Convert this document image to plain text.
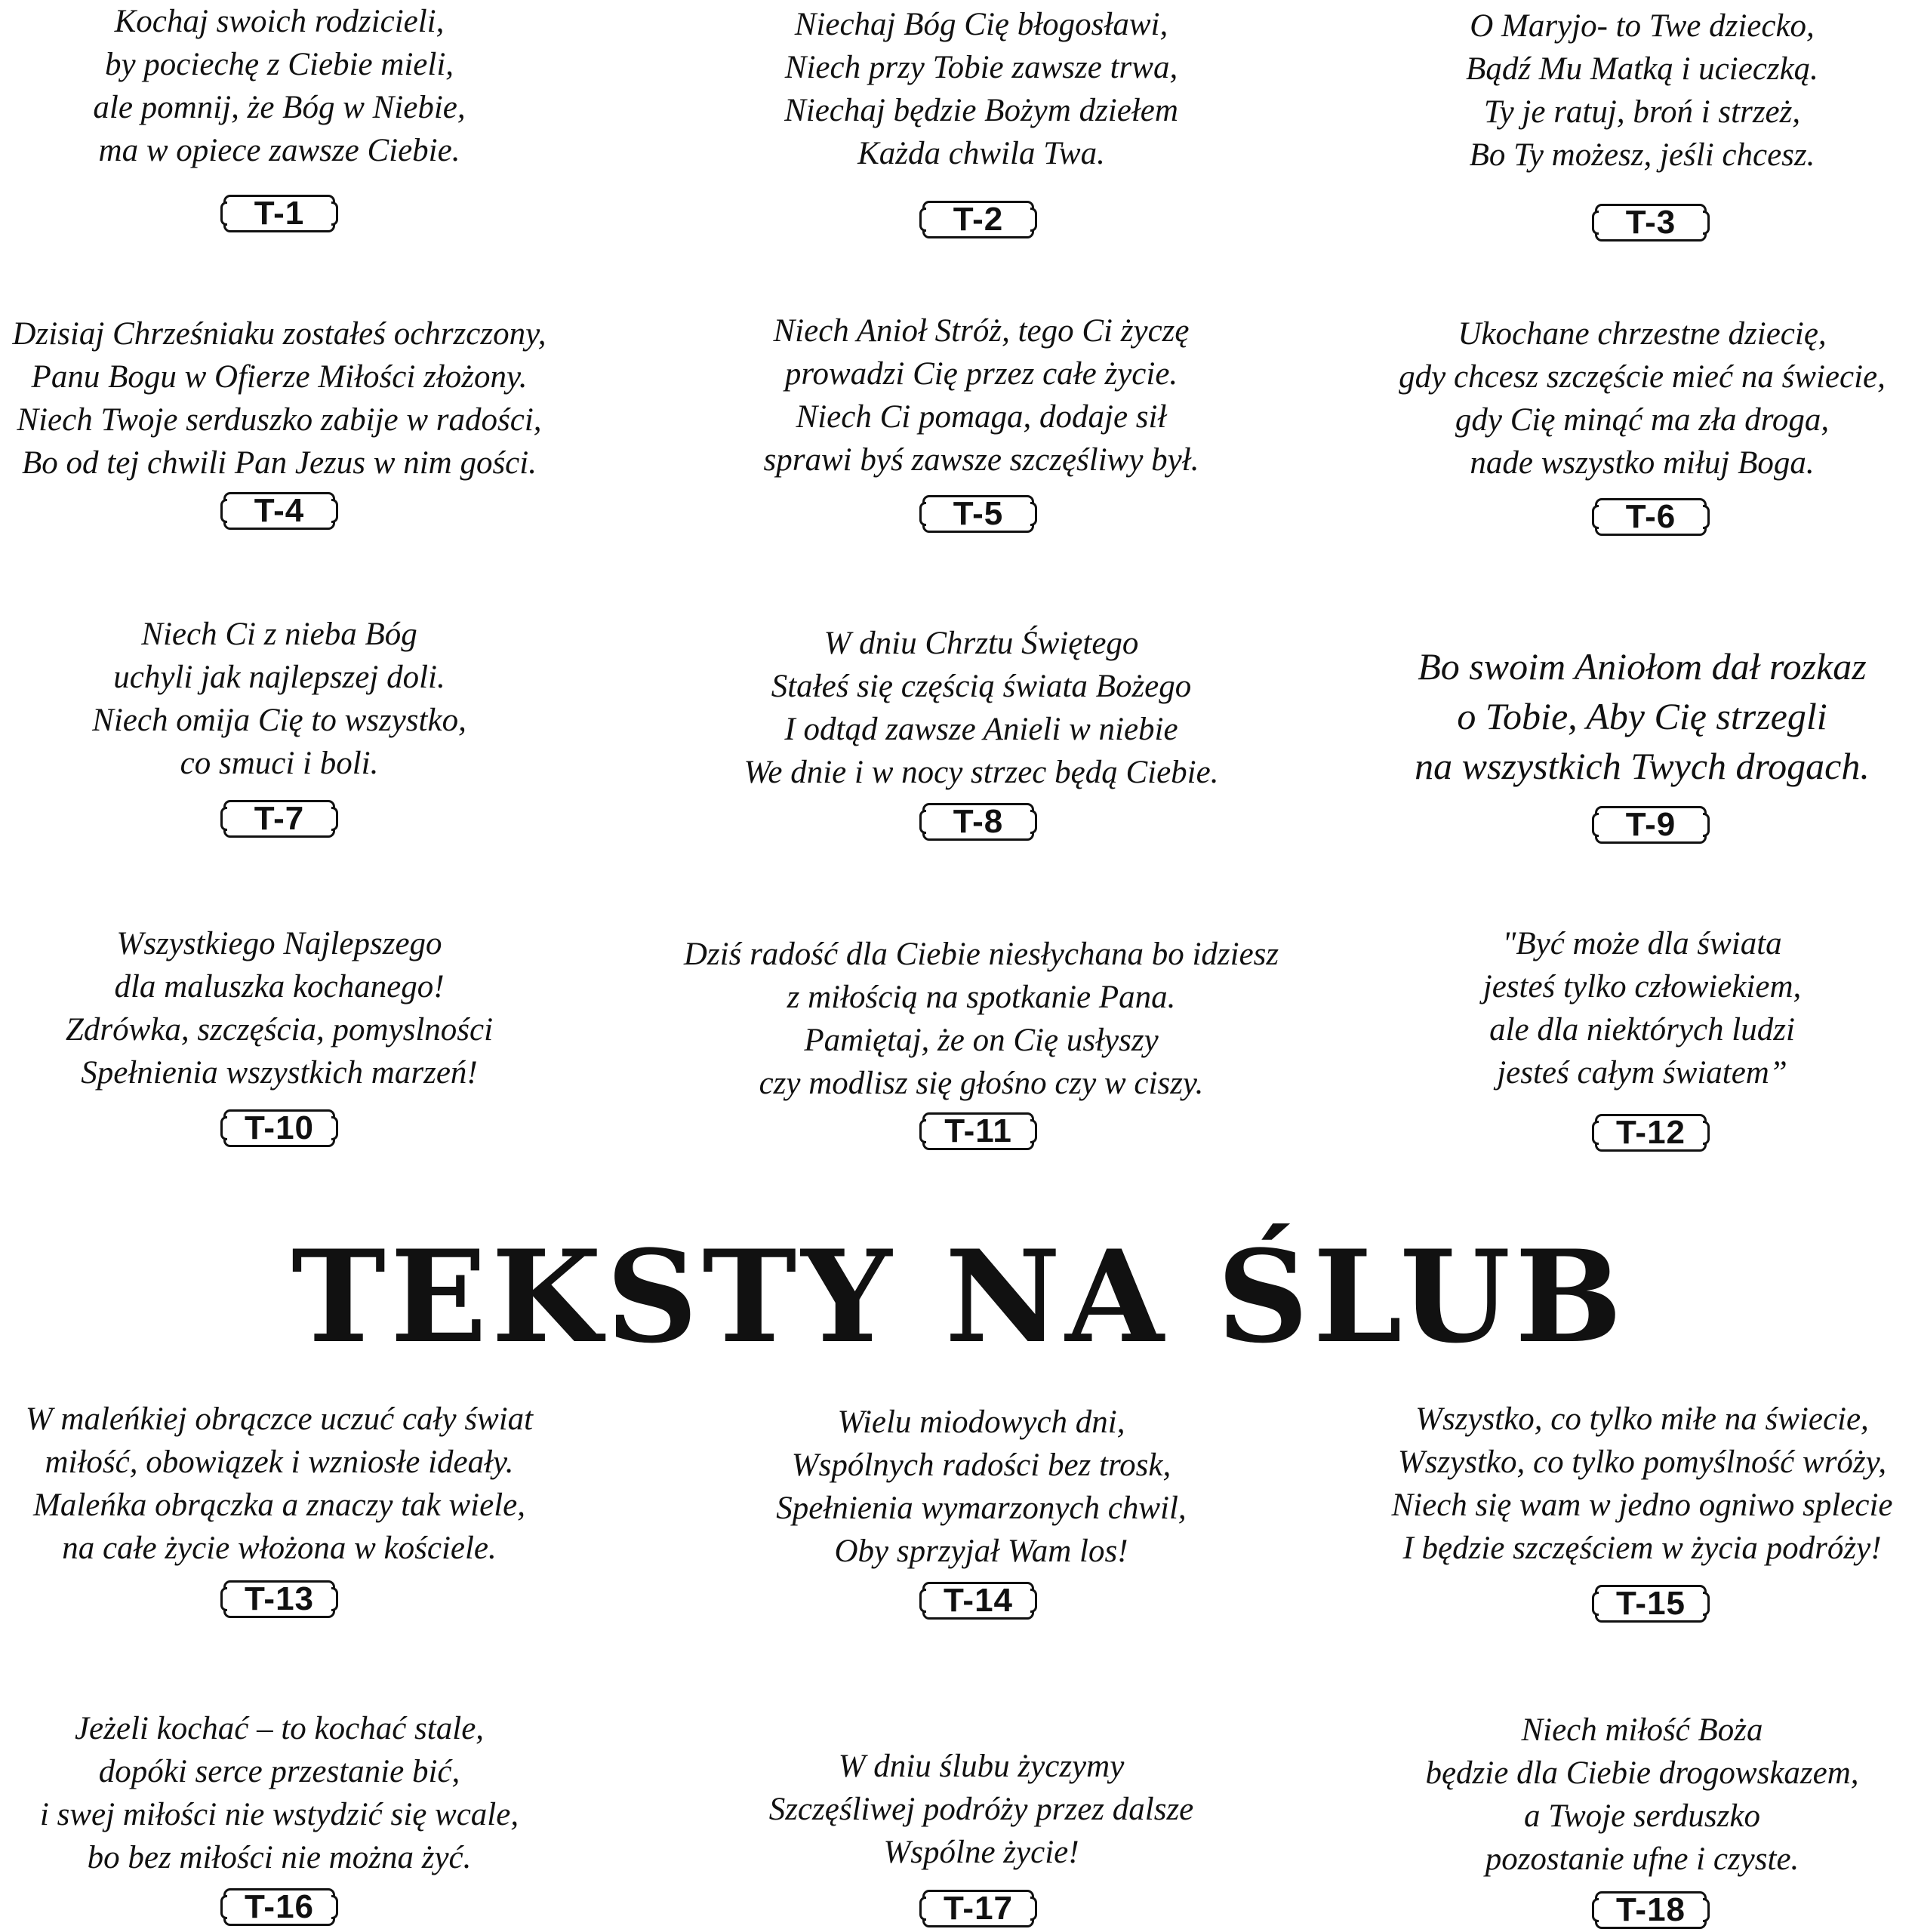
TEKSTY NA ŚLUB
Kochaj swoich rodzicieli,
by pociechę z Ciebie mieli,
ale pomnij, że Bóg w Niebie,
ma w opiece zawsze Ciebie.
T-1
Niechaj Bóg Cię błogosławi,
Niech przy Tobie zawsze trwa,
Niechaj będzie Bożym dziełem
Każda chwila Twa.
T-2
O Maryjo- to Twe dziecko,
Bądź Mu Matką i ucieczką.
Ty je ratuj, broń i strzeż,
Bo Ty możesz, jeśli chcesz.
T-3
Dzisiaj Chrześniaku zostałeś ochrzczony,
Panu Bogu w Ofierze Miłości złożony.
Niech Twoje serduszko zabije w radości,
Bo od tej chwili Pan Jezus w nim gości.
T-4
Niech Anioł Stróż, tego Ci życzę
prowadzi Cię przez całe życie.
Niech Ci pomaga, dodaje sił
sprawi byś zawsze szczęśliwy był.
T-5
Ukochane chrzestne dziecię,
gdy chcesz szczęście mieć na świecie,
gdy Cię minąć ma zła droga,
nade wszystko miłuj Boga.
T-6
Niech Ci z nieba Bóg
uchyli jak najlepszej doli.
Niech omija Cię to wszystko,
co smuci i boli.
T-7
W dniu Chrztu Świętego
Stałeś się częścią świata Bożego
I odtąd zawsze Anieli w niebie
We dnie i w nocy strzec będą Ciebie.
T-8
Bo swoim Aniołom dał rozkaz
o Tobie, Aby Cię strzegli
na wszystkich Twych drogach.
T-9
Wszystkiego Najlepszego
dla maluszka kochanego!
Zdrówka, szczęścia, pomyslności
Spełnienia wszystkich marzeń!
T-10
Dziś radość dla Ciebie niesłychana bo idziesz
z miłością na spotkanie Pana.
Pamiętaj, że on Cię usłyszy
czy modlisz się głośno czy w ciszy.
T-11
"Być może dla świata
jesteś tylko człowiekiem,
ale dla niektórych ludzi
jesteś całym światem”
T-12
W maleńkiej obrączce uczuć cały świat
miłość, obowiązek i wzniosłe ideały.
Maleńka obrączka a znaczy tak wiele,
na całe życie włożona w kościele.
T-13
Wielu miodowych dni,
Wspólnych radości bez trosk,
Spełnienia wymarzonych chwil,
Oby sprzyjał Wam los!
T-14
Wszystko, co tylko miłe na świecie,
Wszystko, co tylko pomyślność wróży,
Niech się wam w jedno ogniwo splecie
I będzie szczęściem w życia podróży!
T-15
Jeżeli kochać – to kochać stale,
dopóki serce przestanie bić,
i swej miłości nie wstydzić się wcale,
bo bez miłości nie można żyć.
T-16
W dniu ślubu życzymy
Szczęśliwej podróży przez dalsze
Wspólne życie!
T-17
Niech miłość Boża
będzie dla Ciebie drogowskazem,
a Twoje serduszko
pozostanie ufne i czyste.
T-18
